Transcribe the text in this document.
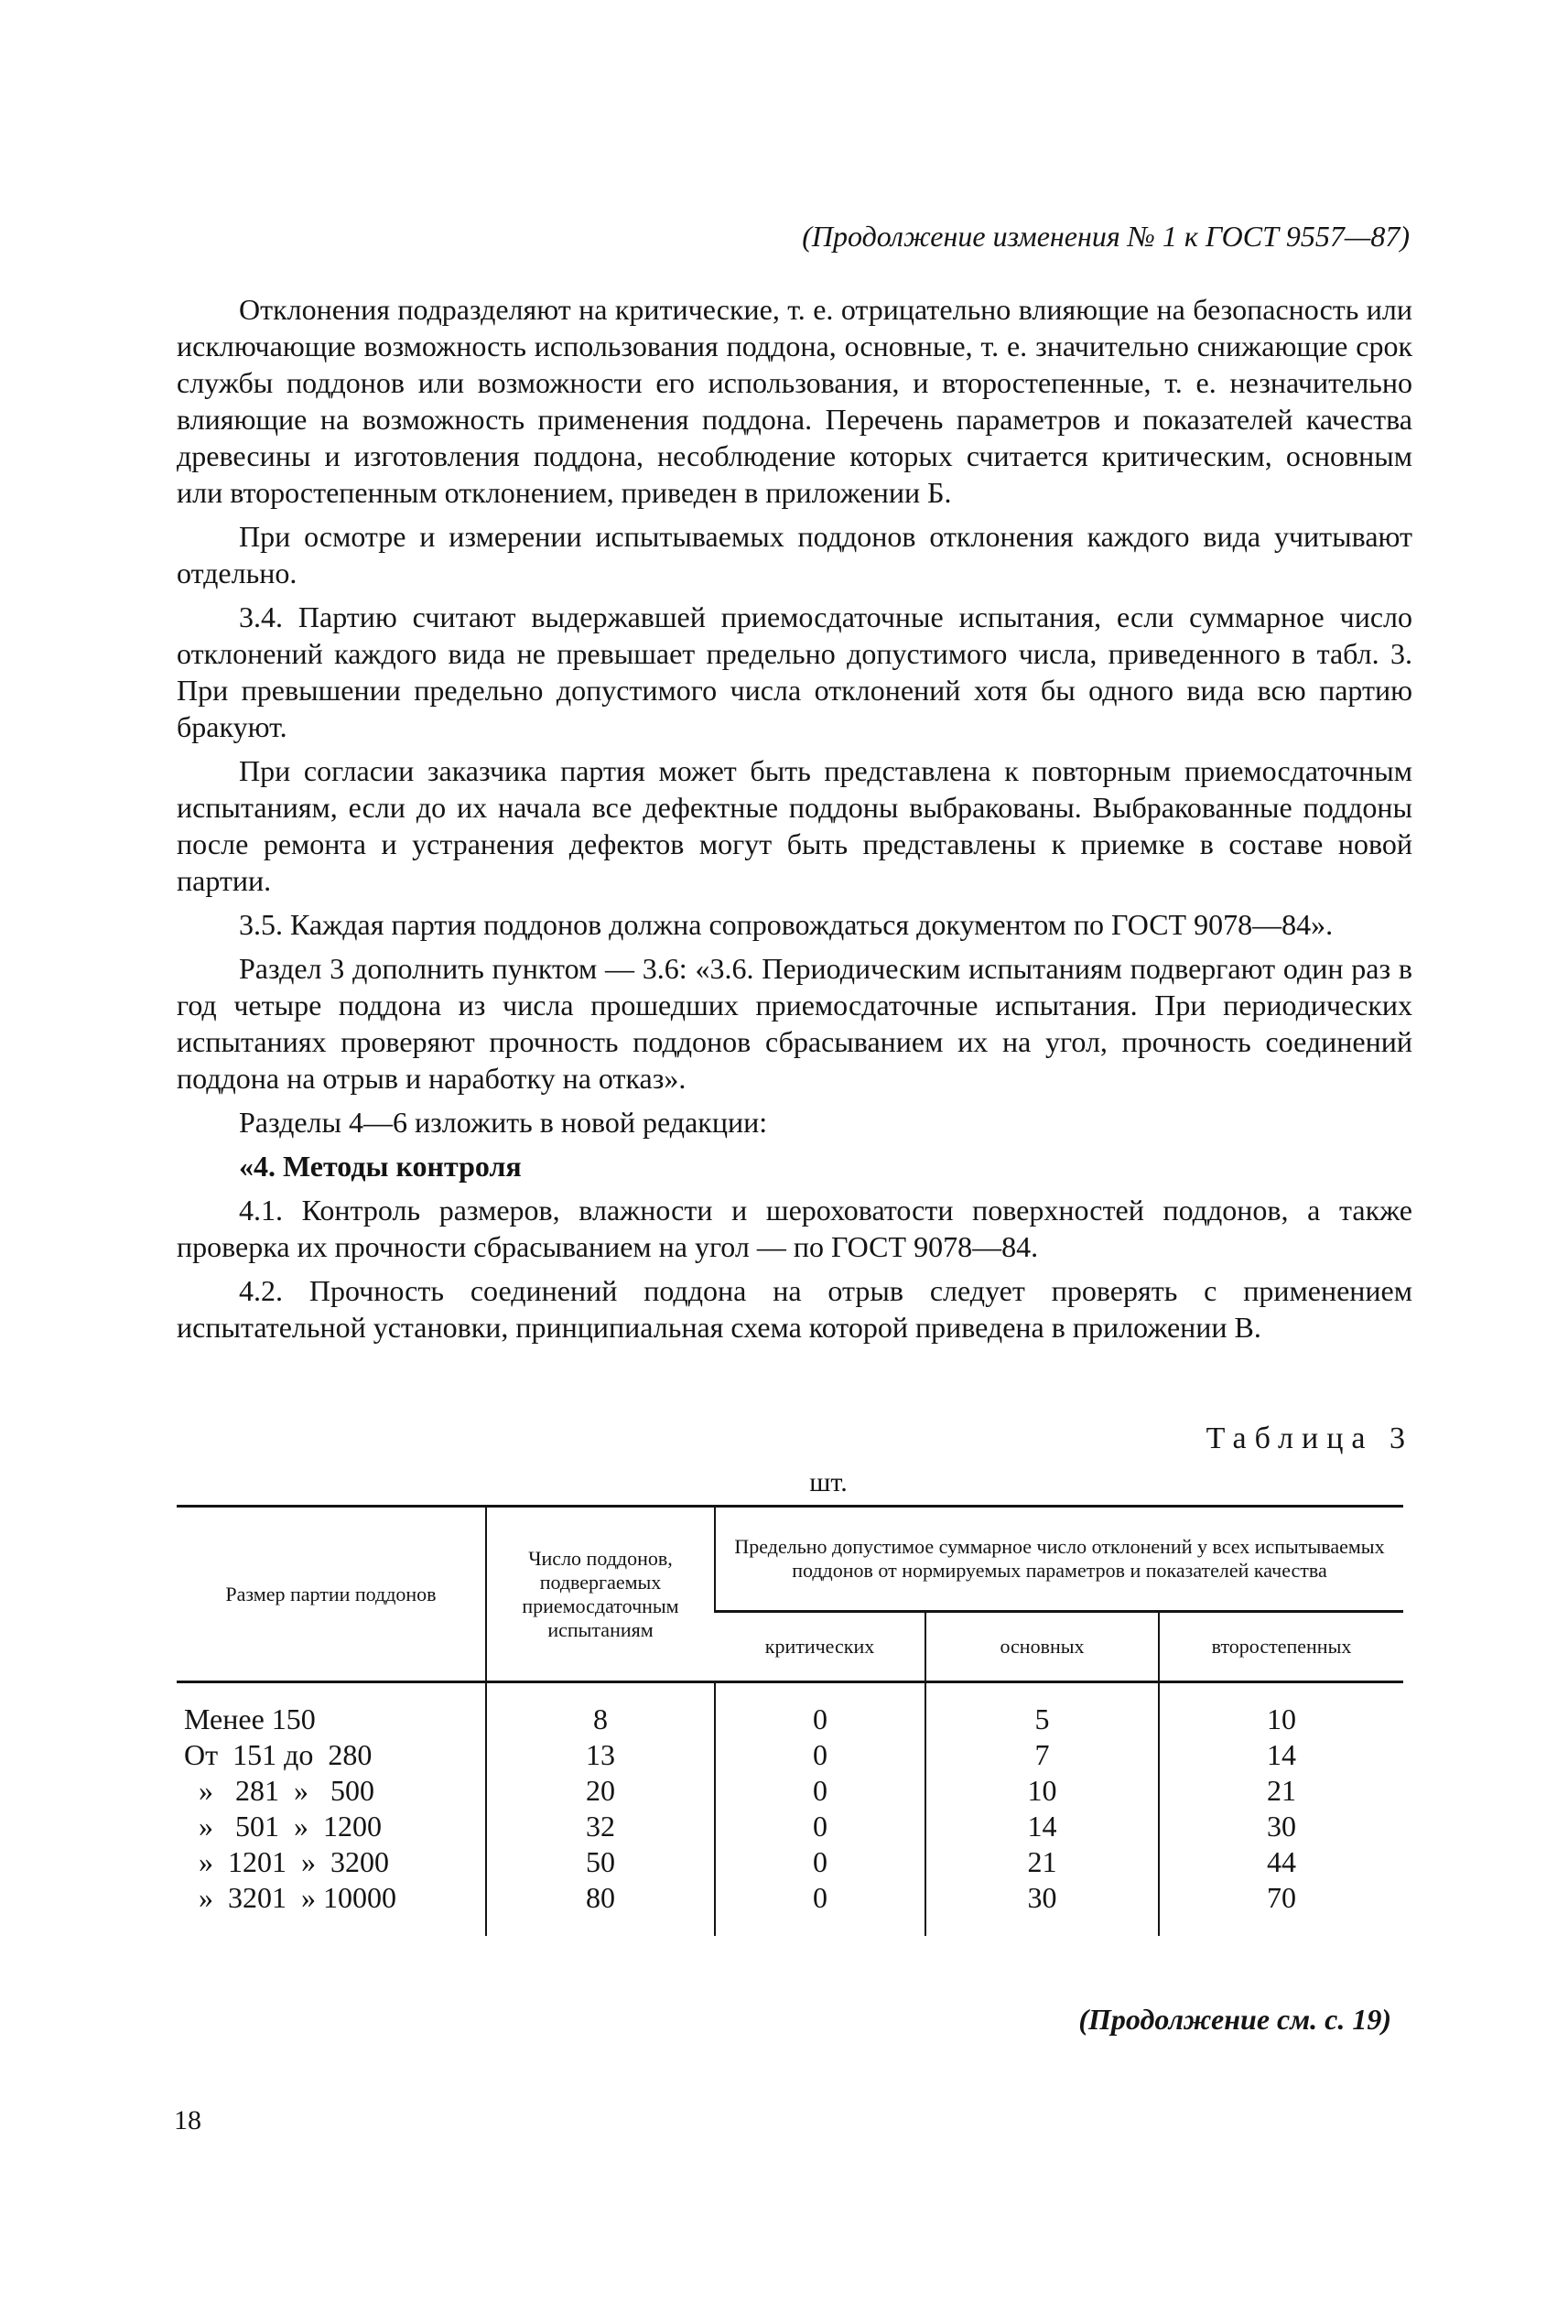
(Продолжение изменения № 1 к ГОСТ 9557—87)

Отклонения подразделяют на критические, т. е. отрицательно влияющие на безопасность или исключающие возможность использования поддона, основные, т. е. значительно снижающие срок службы поддонов или возможности его использования, и второстепенные, т. е. незначительно влияющие на возможность применения поддона. Перечень параметров и показателей качества древесины и изготовления поддона, несоблюдение которых считается критическим, основным или второстепенным отклонением, приведен в приложении Б.

При осмотре и измерении испытываемых поддонов отклонения каждого вида учитывают отдельно.

3.4. Партию считают выдержавшей приемосдаточные испытания, если суммарное число отклонений каждого вида не превышает предельно допустимого числа, приведенного в табл. 3. При превышении предельно допустимого числа отклонений хотя бы одного вида всю партию бракуют.

При согласии заказчика партия может быть представлена к повторным приемосдаточным испытаниям, если до их начала все дефектные поддоны выбракованы. Выбракованные поддоны после ремонта и устранения дефектов могут быть представлены к приемке в составе новой партии.

3.5. Каждая партия поддонов должна сопровождаться документом по ГОСТ 9078—84».

Раздел 3 дополнить пунктом — 3.6: «3.6. Периодическим испытаниям подвергают один раз в год четыре поддона из числа прошедших приемосдаточные испытания. При периодических испытаниях проверяют прочность поддонов сбрасыванием их на угол, прочность соединений поддона на отрыв и наработку на отказ».

Разделы 4—6 изложить в новой редакции:

«4. Методы контроля

4.1. Контроль размеров, влажности и шероховатости поверхностей поддонов, а также проверка их прочности сбрасыванием на угол — по ГОСТ 9078—84.

4.2. Прочность соединений поддона на отрыв следует проверять с применением испытательной установки, принципиальная схема которой приведена в приложении В.

Таблица 3
шт.
Размер партии поддонов	Число поддонов, подвергаемых приемосдаточным испытаниям	Предельно допустимое суммарное число отклонений у всех испытываемых поддонов от нормируемых параметров и показателей качества		
		критических	основных	второстепенных
Менее 150	8	0	5	10
От  151 до  280	13	0	7	14
»   281  »   500	20	0	10	21
»   501  »  1200	32	0	14	30
»  1201  »  3200	50	0	21	44
»  3201  » 10000	80	0	30	70
(Продолжение см. с. 19)
18
